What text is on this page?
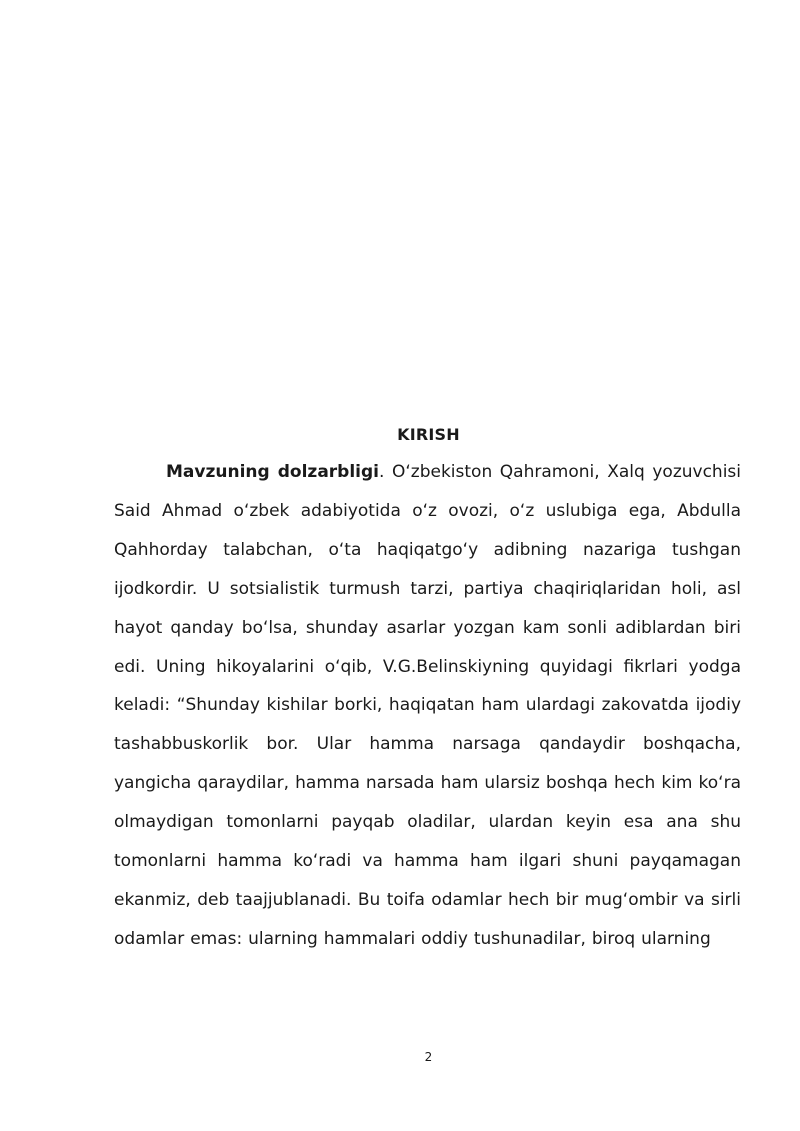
KIRISH

Mavzuning dolzarbligi. O‘zbekiston Qahramoni, Xalq yozuvchisi Said Ahmad o‘zbek adabiyotida o‘z ovozi, o‘z uslubiga ega, Abdulla Qahhorday talabchan, o‘ta haqiqatgo‘y adibning nazariga tushgan ijodkordir. U sotsialistik turmush tarzi, partiya chaqiriqlaridan holi, asl hayot qanday bo‘lsa, shunday asarlar yozgan kam sonli adiblardan biri edi. Uning hikoyalarini o‘qib, V.G.Belinskiyning quyidagi fikrlari yodga keladi: “Shunday kishilar borki, haqiqatan ham ulardagi zakovatda ijodiy tashabbuskorlik bor. Ular hamma narsaga qandaydir boshqacha, yangicha qaraydilar, hamma narsada ham ularsiz boshqa hech kim ko‘ra olmaydigan tomonlarni payqab oladilar, ulardan keyin esa ana shu tomonlarni hamma ko‘radi va hamma ham ilgari shuni payqamagan ekanmiz, deb taajjublanadi. Bu toifa odamlar hech bir mug‘ombir va sirli odamlar emas: ularning hammalari oddiy tushunadilar, biroq ularning

2
